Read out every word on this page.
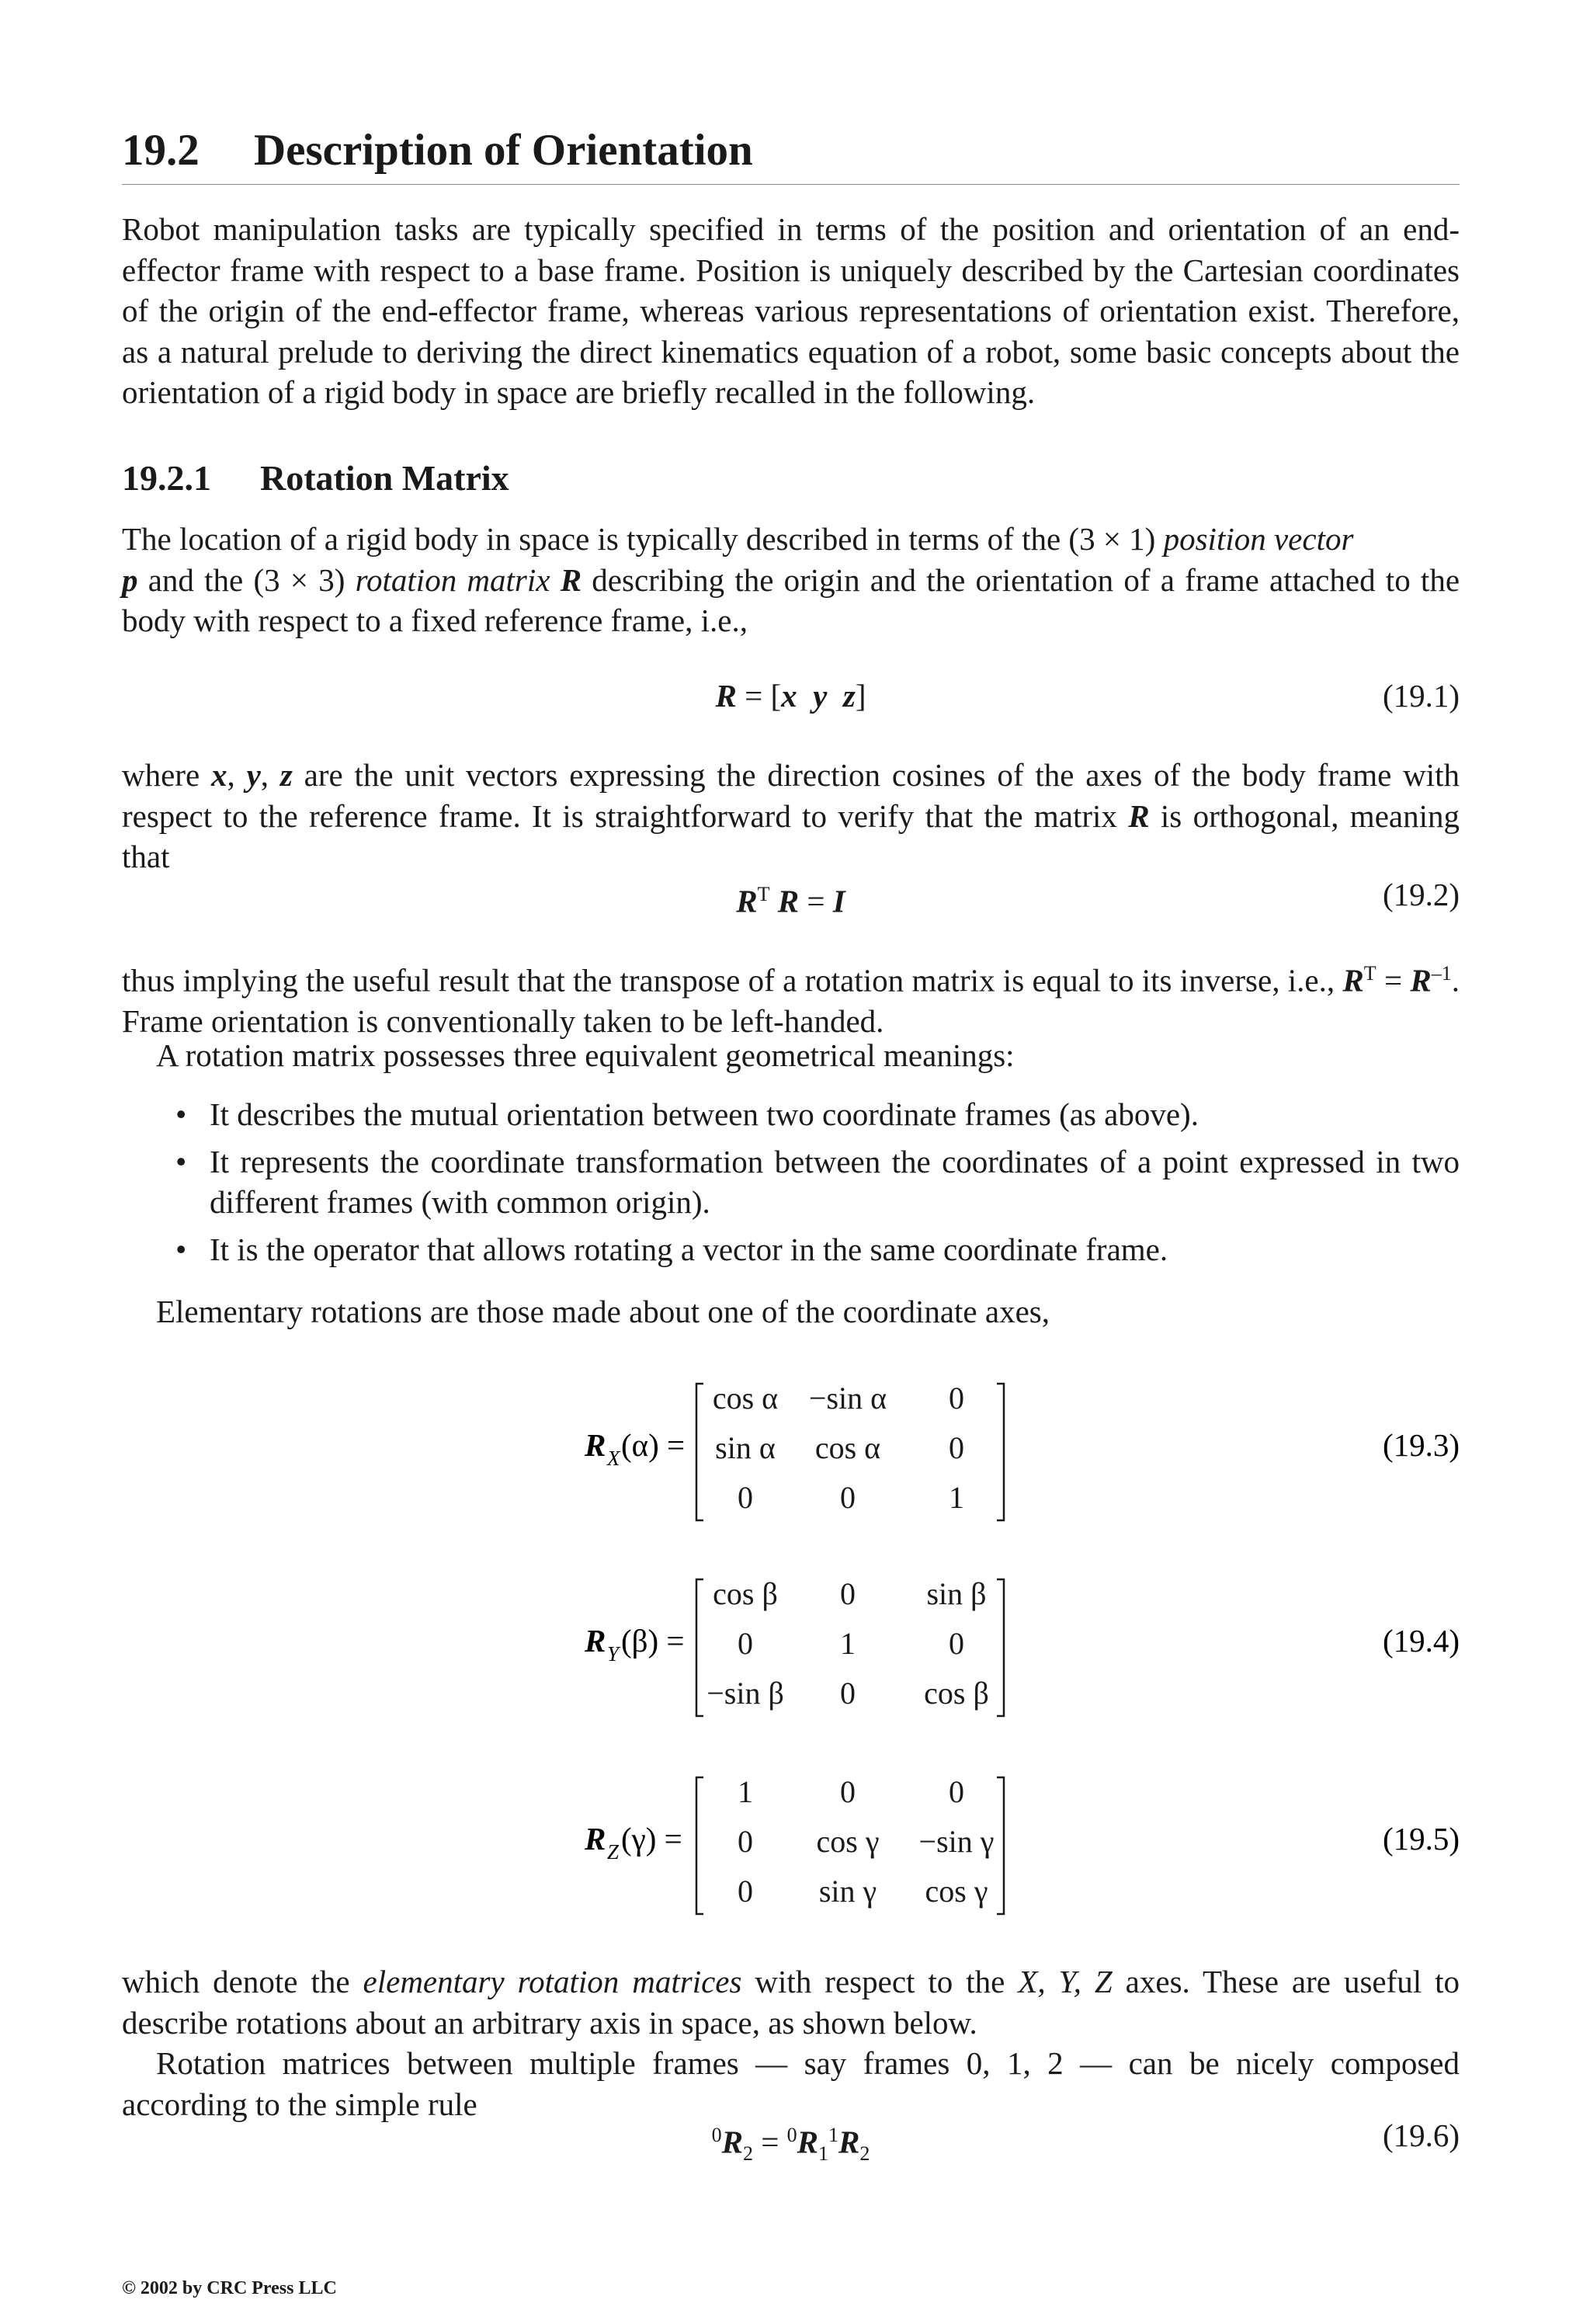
19.2 Description of Orientation

Robot manipulation tasks are typically specified in terms of the position and orientation of an end-effector frame with respect to a base frame. Position is uniquely described by the Cartesian coordinates of the origin of the end-effector frame, whereas various representations of orientation exist. Therefore, as a natural prelude to deriving the direct kinematics equation of a robot, some basic concepts about the orientation of a rigid body in space are briefly recalled in the following.

19.2.1 Rotation Matrix

The location of a rigid body in space is typically described in terms of the (3 × 1) position vector
p and the (3 × 3) rotation matrix R describing the origin and the orientation of a frame attached to the body with respect to a fixed reference frame, i.e.,

R = [x y z]	(19.1)

where x, y, z are the unit vectors expressing the direction cosines of the axes of the body frame with respect to the reference frame. It is straightforward to verify that the matrix R is orthogonal, meaning that

$R^T$ R = I	(19.2)

thus implying the useful result that the transpose of a rotation matrix is equal to its inverse, i.e., $R^T = R^{-1}$. Frame orientation is conventionally taken to be left-handed.

A rotation matrix possesses three equivalent geometrical meanings:

• It describes the mutual orientation between two coordinate frames (as above).
• It represents the coordinate transformation between the coordinates of a point expressed in two different frames (with common origin).
• It is the operator that allows rotating a vector in the same coordinate frame.

Elementary rotations are those made about one of the coordinate axes,

R X (α) =
cos α −sin α 0
sin α cos α 0
0	0	1
(19.3)
R Y (β) =
cos β 0 sin β
0	1	0
−sin β 0 cos β
(19.4)
R Z (γ) =
1	0	0
0 cos γ −sin γ
0 sin γ cos γ
(19.5)

which denote the elementary rotation matrices with respect to the X, Y, Z axes. These are useful to describe rotations about an arbitrary axis in space, as shown below.

Rotation matrices between multiple frames — say frames 0, 1, 2 — can be nicely composed according to the simple rule

$^0R_2 = ^0R_1^1R_2$
(19.6)
© 2002 by CRC Press LLC
